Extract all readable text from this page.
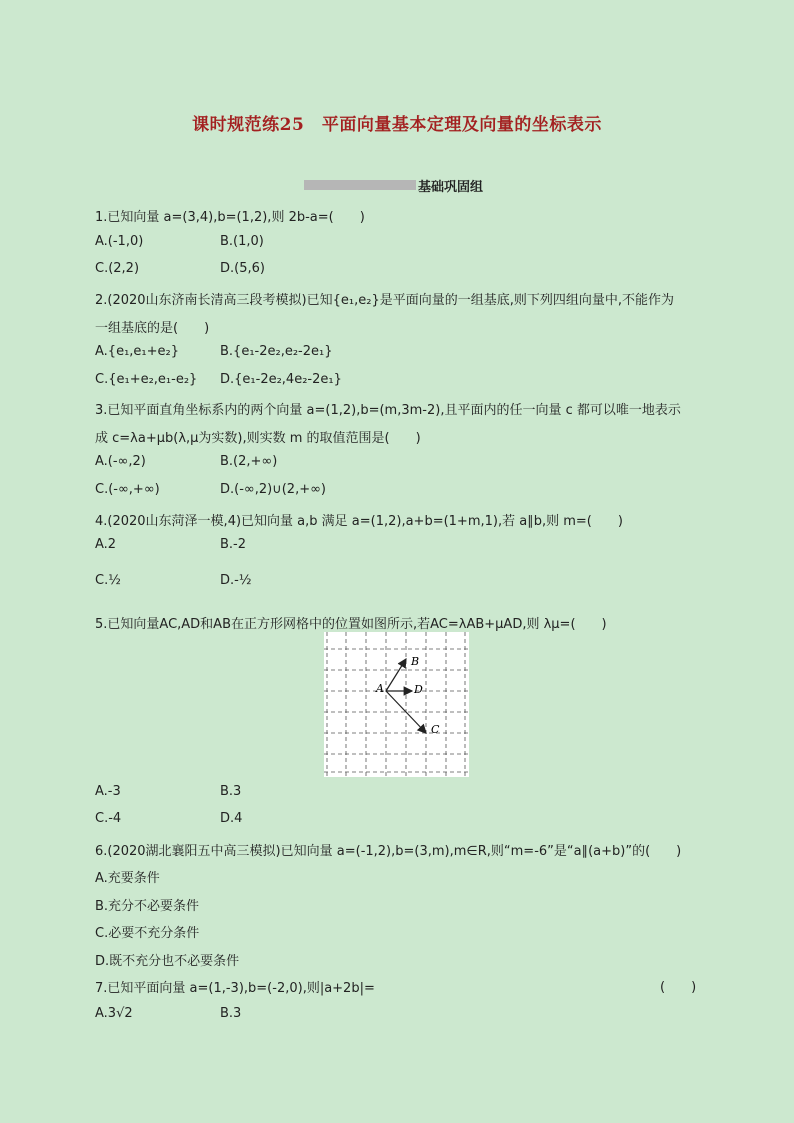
课时规范练25　平面向量基本定理及向量的坐标表示
基础巩固组
1.已知向量 a=(3,4),b=(1,2),则 2b-a=(　　)
A.(-1,0)	B.(1,0)
C.(2,2)	D.(5,6)
2.(2020山东济南长清高三段考模拟)已知{e₁,e₂}是平面向量的一组基底,则下列四组向量中,不能作为
一组基底的是(　　)
A.{e₁,e₁+e₂}	B.{e₁-2e₂,e₂-2e₁}
C.{e₁+e₂,e₁-e₂} D.{e₁-2e₂,4e₂-2e₁}
3.已知平面直角坐标系内的两个向量 a=(1,2),b=(m,3m-2),且平面内的任一向量 c 都可以唯一地表示
成 c=λa+μb(λ,μ为实数),则实数 m 的取值范围是(　　)
A.(-∞,2)	B.(2,+∞)
C.(-∞,+∞)	D.(-∞,2)∪(2,+∞)
4.(2020山东菏泽一模,4)已知向量 a,b 满足 a=(1,2),a+b=(1+m,1),若 a∥b,则 m=(　　)
A.2	B.-2
C.½	D.-½
5.已知向量AC,AD和AB在正方形网格中的位置如图所示,若AC=λAB+μAD,则 λμ=(　　)
A
B
D
C
A.-3	B.3
C.-4	D.4
6.(2020湖北襄阳五中高三模拟)已知向量 a=(-1,2),b=(3,m),m∈R,则“m=-6”是“a∥(a+b)”的(　　)
A.充要条件
B.充分不必要条件
C.必要不充分条件
D.既不充分也不必要条件
7.已知平面向量 a=(1,-3),b=(-2,0),则|a+2b|=	(　　)
A.3√2	B.3
